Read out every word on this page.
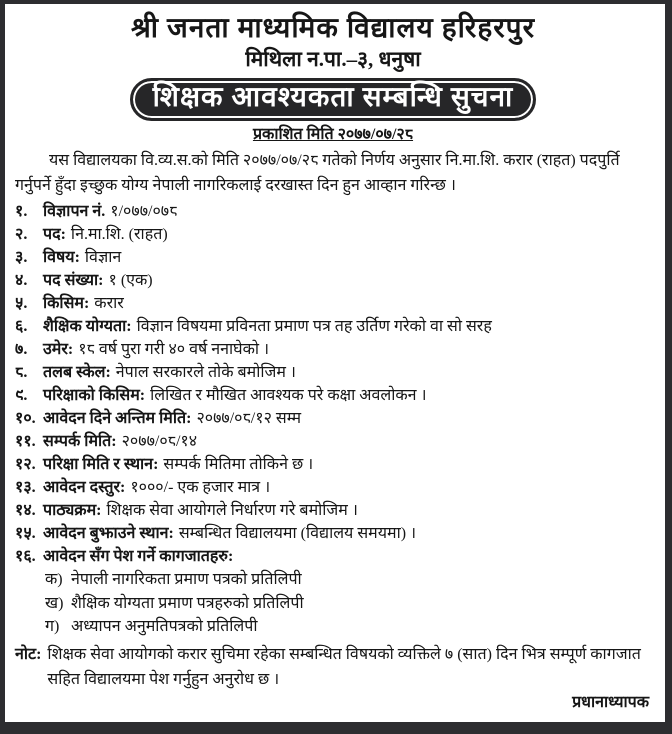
श्री जनता माध्यमिक विद्यालय हरिहरपुर
मिथिला न.पा.–३, धनुषा
शिक्षक आवश्यकता सम्बन्धि सुचना
प्रकाशित मिति २०७७/०७/२८

यस विद्यालयका वि.व्य.स.को मिति २०७७/०७/२८ गतेको निर्णय अनुसार नि.मा.शि. करार (राहत) पदपुर्ति गर्नुपर्ने हुँदा इच्छुक योग्य नेपाली नागरिकलाई दरखास्त दिन हुन आव्हान गरिन्छ ।

१. विज्ञापन नं. १/०७७/०७८
२. पद: नि.मा.शि. (राहत)
३. विषय: विज्ञान
४. पद संख्या: १ (एक)
५. किसिम: करार
६. शैक्षिक योग्यता: विज्ञान विषयमा प्रविनता प्रमाण पत्र तह उर्तिण गरेको वा सो सरह
७. उमेर: १८ वर्ष पुरा गरी ४० वर्ष ननाघेको ।
८. तलब स्केल: नेपाल सरकारले तोके बमोजिम ।
९. परिक्षाको किसिम: लिखित र मौखित आवश्यक परे कक्षा अवलोकन ।
१०. आवेदन दिने अन्तिम मिति: २०७७/०८/१२ सम्म
११. सम्पर्क मिति: २०७७/०८/१४
१२. परिक्षा मिति र स्थान: सम्पर्क मितिमा तोकिने छ ।
१३. आवेदन दस्तुर: १०००/- एक हजार मात्र ।
१४. पाठ्यक्रम: शिक्षक सेवा आयोगले निर्धारण गरे बमोजिम ।
१५. आवेदन बुझाउने स्थान: सम्बन्धित विद्यालयमा (विद्यालय समयमा) ।
१६. आवेदन सँग पेश गर्ने कागजातहरु:
क) नेपाली नागरिकता प्रमाण पत्रको प्रतिलिपी
ख) शैक्षिक योग्यता प्रमाण पत्रहरुको प्रतिलिपी
ग) अध्यापन अनुमतिपत्रको प्रतिलिपी
नोट: शिक्षक सेवा आयोगको करार सुचिमा रहेका सम्बन्धित विषयको व्यक्तिले ७ (सात) दिन भित्र सम्पूर्ण कागजात सहित विद्यालयमा पेश गर्नुहुन अनुरोध छ ।
प्रधानाध्यापक
